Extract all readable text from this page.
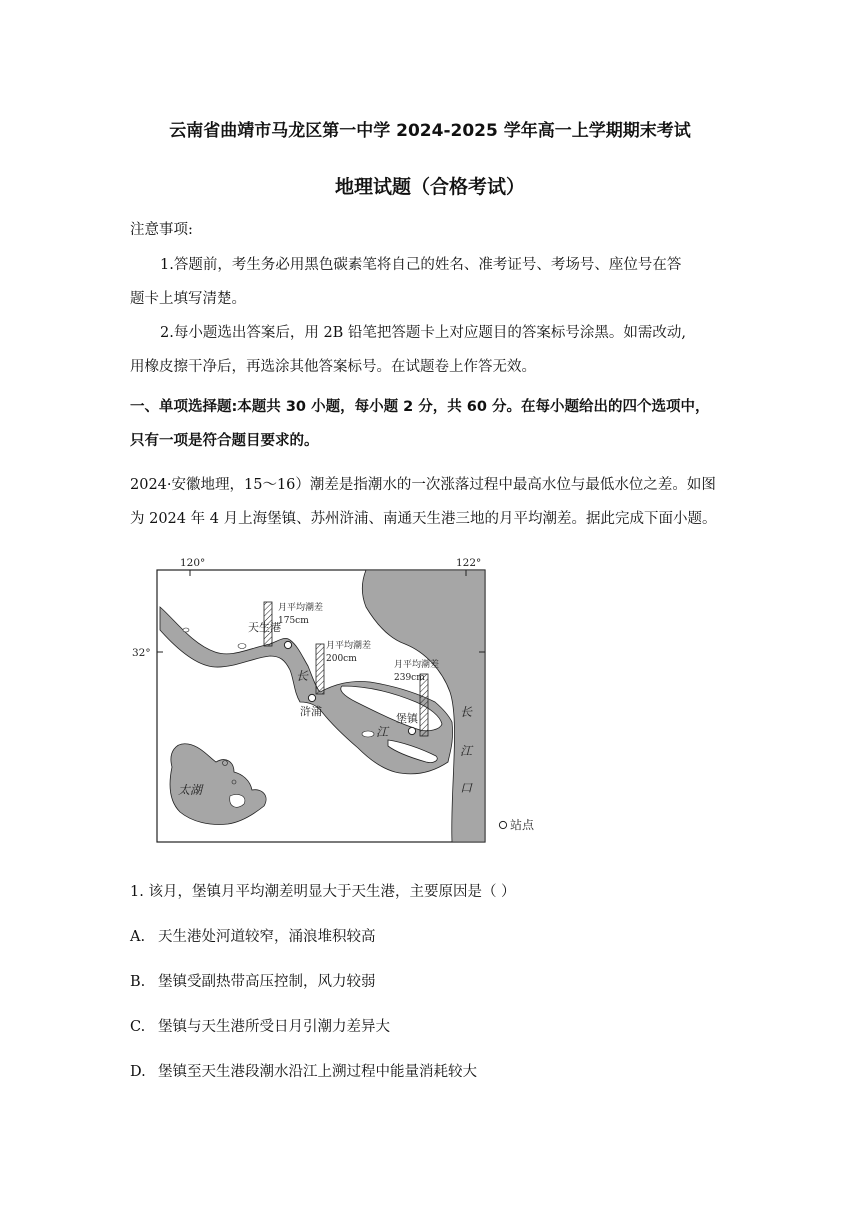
云南省曲靖市马龙区第一中学 2024-2025 学年高一上学期期末考试
地理试题（合格考试）
注意事项:
1.答题前，考生务必用黑色碳素笔将自己的姓名、准考证号、考场号、座位号在答
题卡上填写清楚。
2.每小题选出答案后，用 2B 铅笔把答题卡上对应题目的答案标号涂黑。如需改动,
用橡皮擦干净后，再选涂其他答案标号。在试题卷上作答无效。
一、单项选择题:本题共 30 小题，每小题 2 分，共 60 分。在每小题给出的四个选项中，
只有一项是符合题目要求的。
2024·安徽地理，15～16）潮差是指潮水的一次涨落过程中最高水位与最低水位之差。如图
为 2024 年 4 月上海堡镇、苏州浒浦、南通天生港三地的月平均潮差。据此完成下面小题。
120°	122°
32°
天生港
月平均潮差
175cm
浒浦
月平均潮差
200cm
堡镇
月平均潮差
239cm
长
江
长
江
口
太湖
站点
1. 该月，堡镇月平均潮差明显大于天生港，主要原因是（ ）
A. 天生港处河道较窄，涌浪堆积较高
B. 堡镇受副热带高压控制，风力较弱
C. 堡镇与天生港所受日月引潮力差异大
D. 堡镇至天生港段潮水沿江上溯过程中能量消耗较大
